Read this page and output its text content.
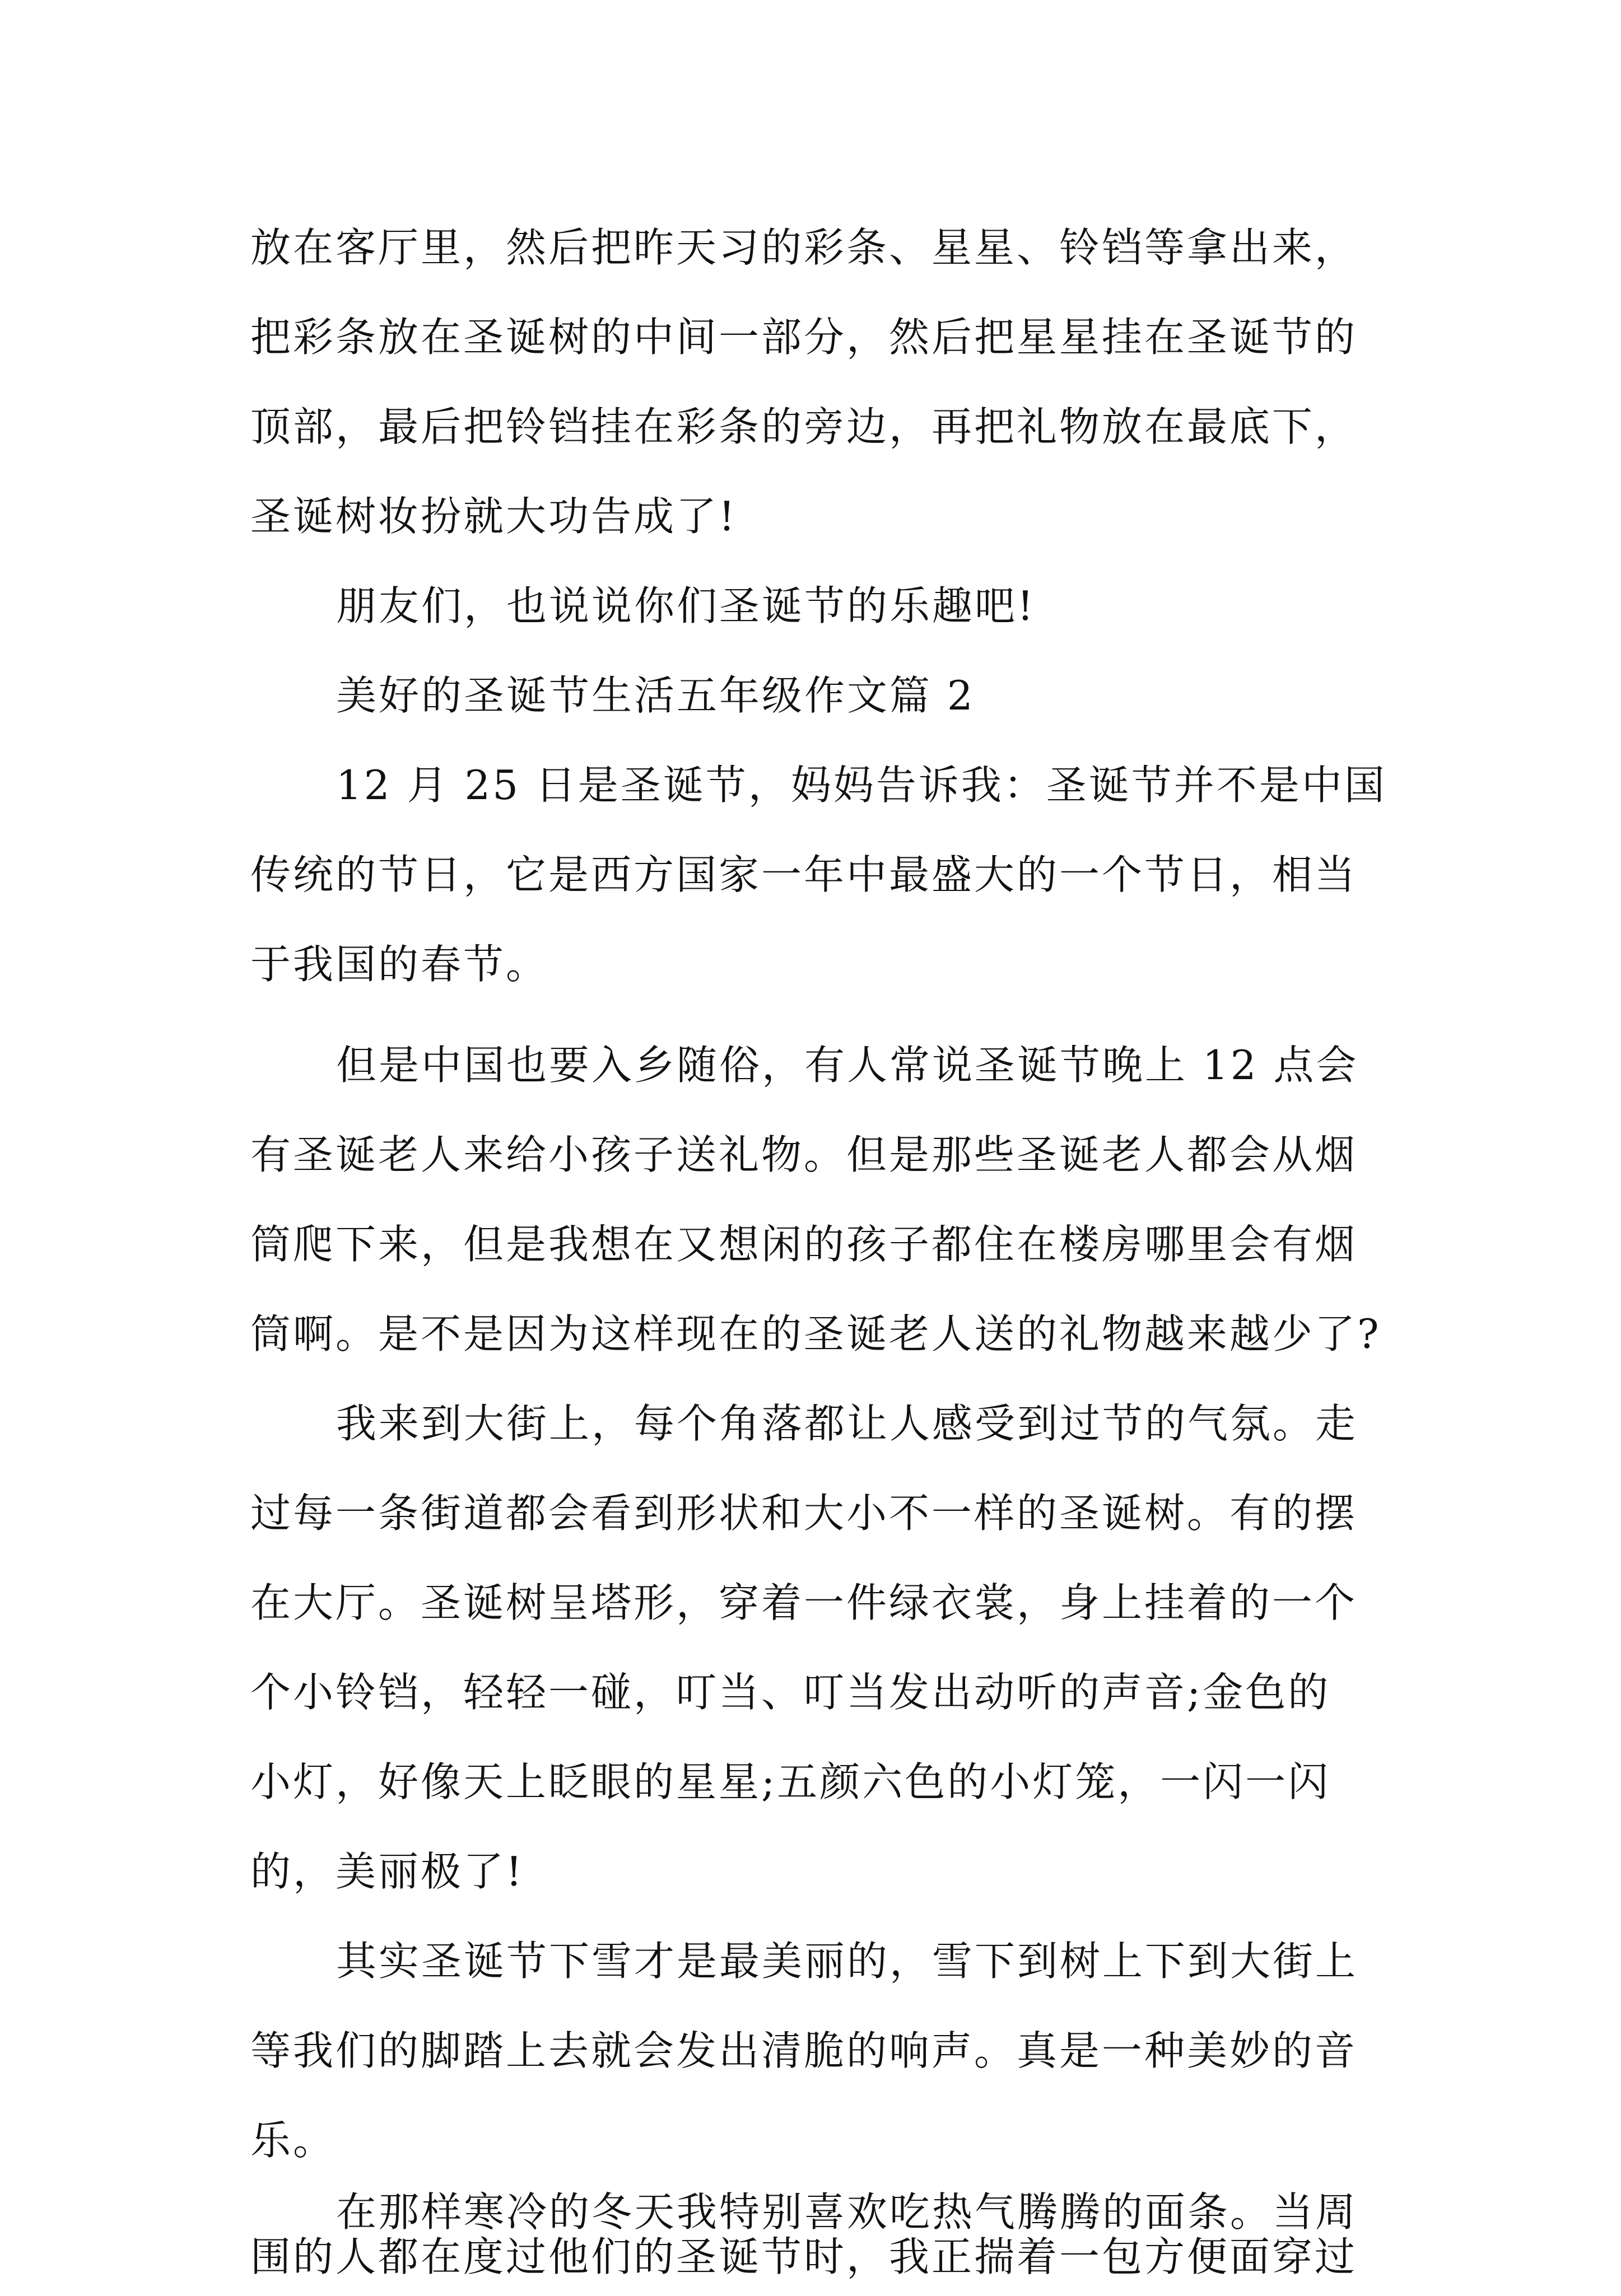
放在客厅里，然后把昨天习的彩条、星星、铃铛等拿出来，
把彩条放在圣诞树的中间一部分，然后把星星挂在圣诞节的
顶部，最后把铃铛挂在彩条的旁边，再把礼物放在最底下，
圣诞树妆扮就大功告成了!
朋友们，也说说你们圣诞节的乐趣吧!
美好的圣诞节生活五年级作文篇 2
12 月 25 日是圣诞节，妈妈告诉我：圣诞节并不是中国
传统的节日，它是西方国家一年中最盛大的一个节日，相当
于我国的春节。
但是中国也要入乡随俗，有人常说圣诞节晚上 12 点会
有圣诞老人来给小孩子送礼物。但是那些圣诞老人都会从烟
筒爬下来，但是我想在又想闲的孩子都住在楼房哪里会有烟
筒啊。是不是因为这样现在的圣诞老人送的礼物越来越少了?
我来到大街上，每个角落都让人感受到过节的气氛。走
过每一条街道都会看到形状和大小不一样的圣诞树。有的摆
在大厅。圣诞树呈塔形，穿着一件绿衣裳，身上挂着的一个
个小铃铛，轻轻一碰，叮当、叮当发出动听的声音;金色的
小灯，好像天上眨眼的星星;五颜六色的小灯笼，一闪一闪
的，美丽极了!
其实圣诞节下雪才是最美丽的，雪下到树上下到大街上
等我们的脚踏上去就会发出清脆的响声。真是一种美妙的音
乐。
在那样寒冷的冬天我特别喜欢吃热气腾腾的面条。当周
围的人都在度过他们的圣诞节时，我正揣着一包方便面穿过
